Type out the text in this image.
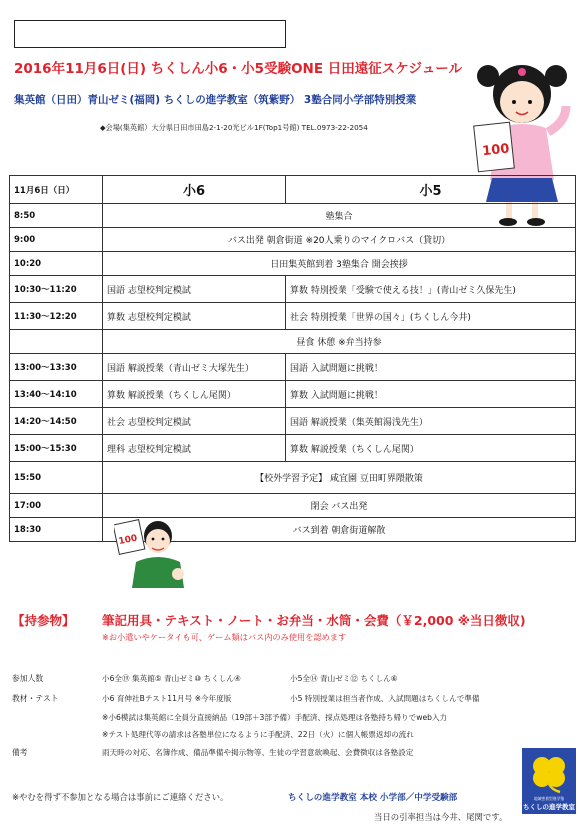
2016年11月6日(日) ちくしん小6・小5受験ONE 日田遠征スケジュール
集英館（日田）青山ゼミ(福岡) ちくしの進学教室（筑紫野） 3塾合同小学部特別授業
◆会場(集英館）大分県日田市田島2-1-20光ビル1F(Top1号館) TEL.0973-22-2054
100
11月6日（日）	小6	小5
8:50	塾集合	
9:00	バス出発 朝倉街道 ※20人乗りのマイクロバス（貸切）	
10:20	日田集英館到着 3塾集合 開会挨拶	
10:30～11:20	国語 志望校判定模試	算数 特別授業「受験で使える技！」(青山ゼミ久保先生)
11:30～12:20	算数 志望校判定模試	社会 特別授業「世界の国々」(ちくしん今井)
	昼食 休憩 ※弁当持参	
13:00～13:30	国語 解説授業（青山ゼミ大塚先生）	国語 入試問題に挑戦！
13:40～14:10	算数 解説授業（ちくしん尾関）	算数 入試問題に挑戦！
14:20～14:50	社会 志望校判定模試	国語 解説授業（集英館湯浅先生）
15:00～15:30	理科 志望校判定模試	算数 解説授業（ちくしん尾関）
15:50	【校外学習予定】 咸宜園 豆田町界隈散策	
17:00	閉会 バス出発	
18:30	バス到着 朝倉街道解散	
100
【持参物】 筆記用具・テキスト・ノート・お弁当・水筒・会費（￥2,000 ※当日徴収)
※お小遣いやケータイも可、ゲーム類はバス内のみ使用を認めます
参加人数	小6全⑲ 集英館⑤ 青山ゼミ⑩ ちくしん④	小5全⑭ 青山ゼミ⑫ ちくしん⑥
教材・テスト	小6 育伸社Bテスト11月号 ※今年度版	小5 特別授業は担当者作成、入試問題はちくしんで準備
※小6模試は集英館に全員分直接納品（19部＋3部予備）手配済、採点処理は各塾持ち帰りでweb入力
※テスト処理代等の請求は各塾単位になるように手配済、22日（火）に個人帳票返却の流れ
備考	雨天時の対応、名簿作成、備品準備や掲示物等、生徒の学習意欲喚起、会費徴収は各塾設定
※やむを得ず不参加となる場合は事前にご連絡ください。	ちくしの進学教室 本校 小学部／中学受験部
当日の引率担当は今井、尾関です。
地域密着型進学塾
ちくしの進学教室
